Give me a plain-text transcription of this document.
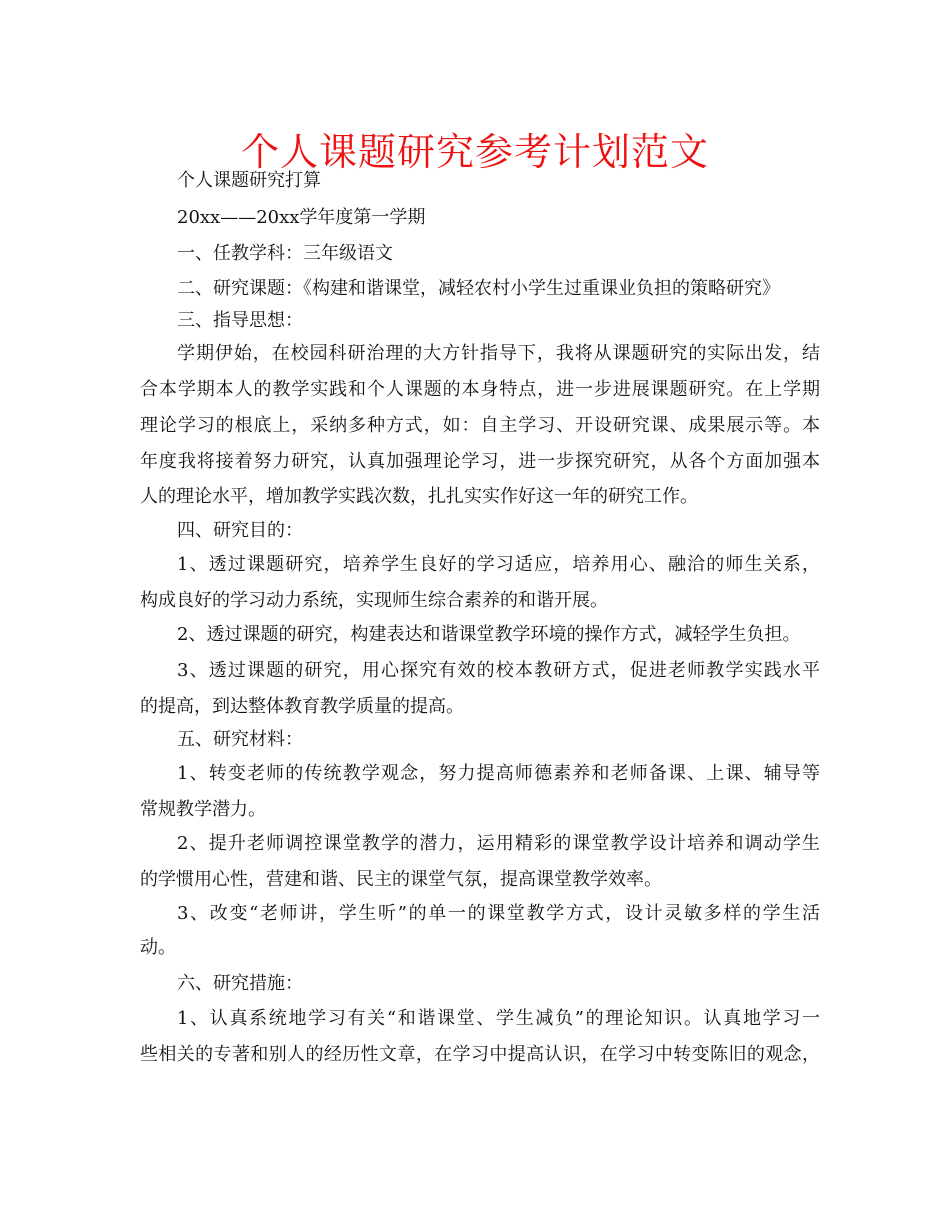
个人课题研究参考计划范文
个人课题研究打算
20xx——20xx学年度第一学期
一、任教学科：三年级语文
二、研究课题：《构建和谐课堂，减轻农村小学生过重课业负担的策略研究》
三、指导思想：
学期伊始，在校园科研治理的大方针指导下，我将从课题研究的实际出发，结
合本学期本人的教学实践和个人课题的本身特点，进一步进展课题研究。在上学期
理论学习的根底上，采纳多种方式，如：自主学习、开设研究课、成果展示等。本
年度我将接着努力研究，认真加强理论学习，进一步探究研究，从各个方面加强本
人的理论水平，增加教学实践次数，扎扎实实作好这一年的研究工作。
四、研究目的：
1、透过课题研究，培养学生良好的学习适应，培养用心、融洽的师生关系，
构成良好的学习动力系统，实现师生综合素养的和谐开展。
2、透过课题的研究，构建表达和谐课堂教学环境的操作方式，减轻学生负担。
3、透过课题的研究，用心探究有效的校本教研方式，促进老师教学实践水平
的提高，到达整体教育教学质量的提高。
五、研究材料：
1、转变老师的传统教学观念，努力提高师德素养和老师备课、上课、辅导等
常规教学潜力。
2、提升老师调控课堂教学的潜力，运用精彩的课堂教学设计培养和调动学生
的学惯用心性，营建和谐、民主的课堂气氛，提高课堂教学效率。
3、改变“老师讲，学生听”的单一的课堂教学方式，设计灵敏多样的学生活
动。
六、研究措施：
1、认真系统地学习有关“和谐课堂、学生减负”的理论知识。认真地学习一
些相关的专著和别人的经历性文章，在学习中提高认识，在学习中转变陈旧的观念，
